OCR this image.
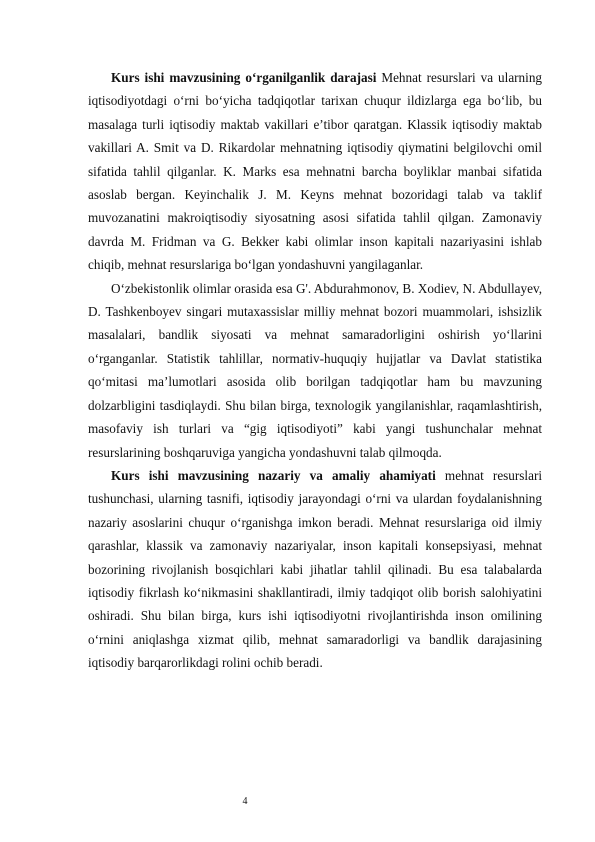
Kurs ishi mavzusining o‘rganilganlik darajasi Mehnat resurslari va ularning iqtisodiyotdagi o‘rni bo‘yicha tadqiqotlar tarixan chuqur ildizlarga ega bo‘lib, bu masalaga turli iqtisodiy maktab vakillari e’tibor qaratgan. Klassik iqtisodiy maktab vakillari A. Smit va D. Rikardolar mehnatning iqtisodiy qiymatini belgilovchi omil sifatida tahlil qilganlar. K. Marks esa mehnatni barcha boyliklar manbai sifatida asoslab bergan. Keyinchalik J. M. Keyns mehnat bozoridagi talab va taklif muvozanatini makroiqtisodiy siyosatning asosi sifatida tahlil qilgan. Zamonaviy davrda M. Fridman va G. Bekker kabi olimlar inson kapitali nazariyasini ishlab chiqib, mehnat resurslariga bo‘lgan yondashuvni yangilaganlar.

O‘zbekistonlik olimlar orasida esa G'. Abdurahmonov, B. Xodiev, N. Abdullayev, D. Tashkenboyev singari mutaxassislar milliy mehnat bozori muammolari, ishsizlik masalalari, bandlik siyosati va mehnat samaradorligini oshirish yo‘llarini o‘rganganlar. Statistik tahlillar, normativ-huquqiy hujjatlar va Davlat statistika qo‘mitasi ma’lumotlari asosida olib borilgan tadqiqotlar ham bu mavzuning dolzarbligini tasdiqlaydi. Shu bilan birga, texnologik yangilanishlar, raqamlashtirish, masofaviy ish turlari va “gig iqtisodiyoti” kabi yangi tushunchalar mehnat resurslarining boshqaruviga yangicha yondashuvni talab qilmoqda.

Kurs ishi mavzusining nazariy va amaliy ahamiyati mehnat resurslari tushunchasi, ularning tasnifi, iqtisodiy jarayondagi o‘rni va ulardan foydalanishning nazariy asoslarini chuqur o‘rganishga imkon beradi. Mehnat resurslariga oid ilmiy qarashlar, klassik va zamonaviy nazariyalar, inson kapitali konsepsiyasi, mehnat bozorining rivojlanish bosqichlari kabi jihatlar tahlil qilinadi. Bu esa talabalarda iqtisodiy fikrlash ko‘nikmasini shakllantiradi, ilmiy tadqiqot olib borish salohiyatini oshiradi. Shu bilan birga, kurs ishi iqtisodiyotni rivojlantirishda inson omilining o‘rnini aniqlashga xizmat qilib, mehnat samaradorligi va bandlik darajasining iqtisodiy barqarorlikdagi rolini ochib beradi.

4
